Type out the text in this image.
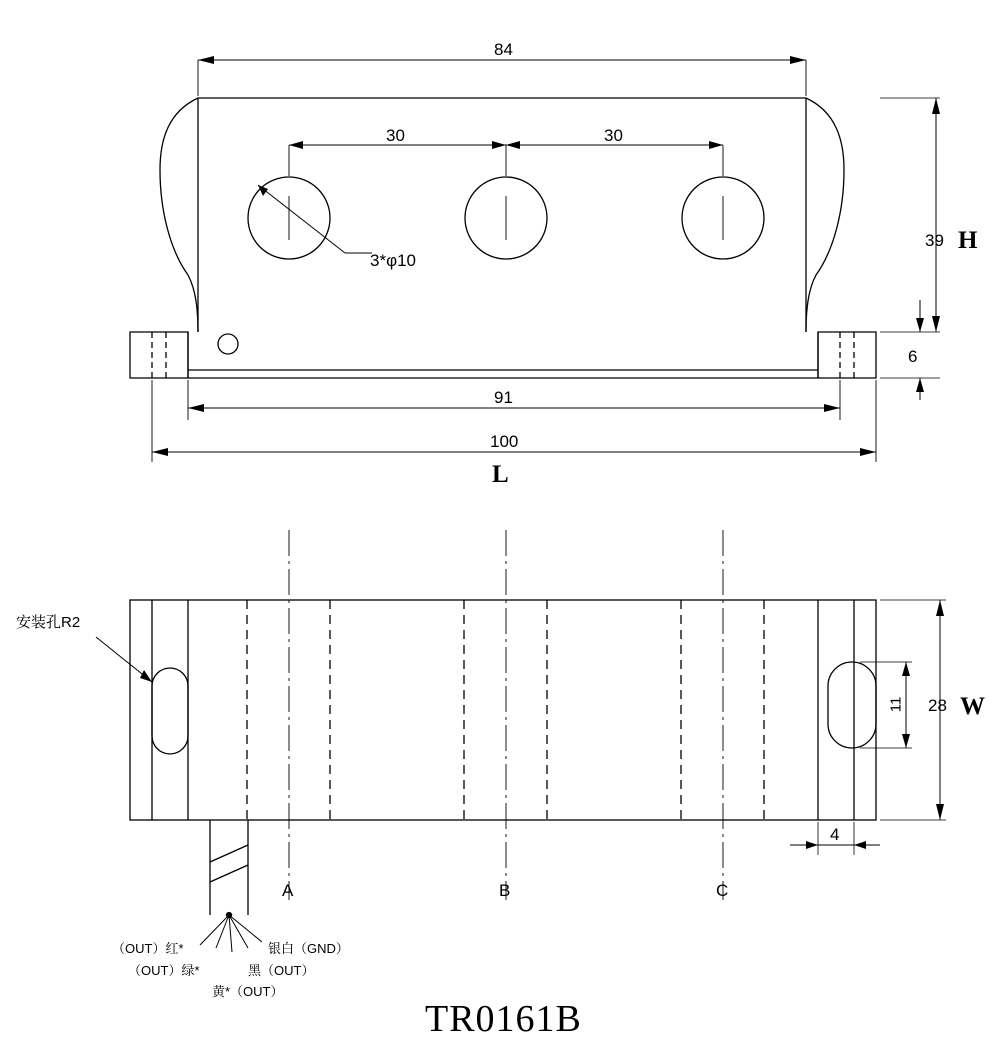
84
30	30
39 H
6
91
100
L
3*φ10
安装孔R2
28 W
11
4
A	B	C
（OUT）红*
（OUT）绿*
黄*（OUT）
黑（OUT）
银白（GND）
TR0161B
